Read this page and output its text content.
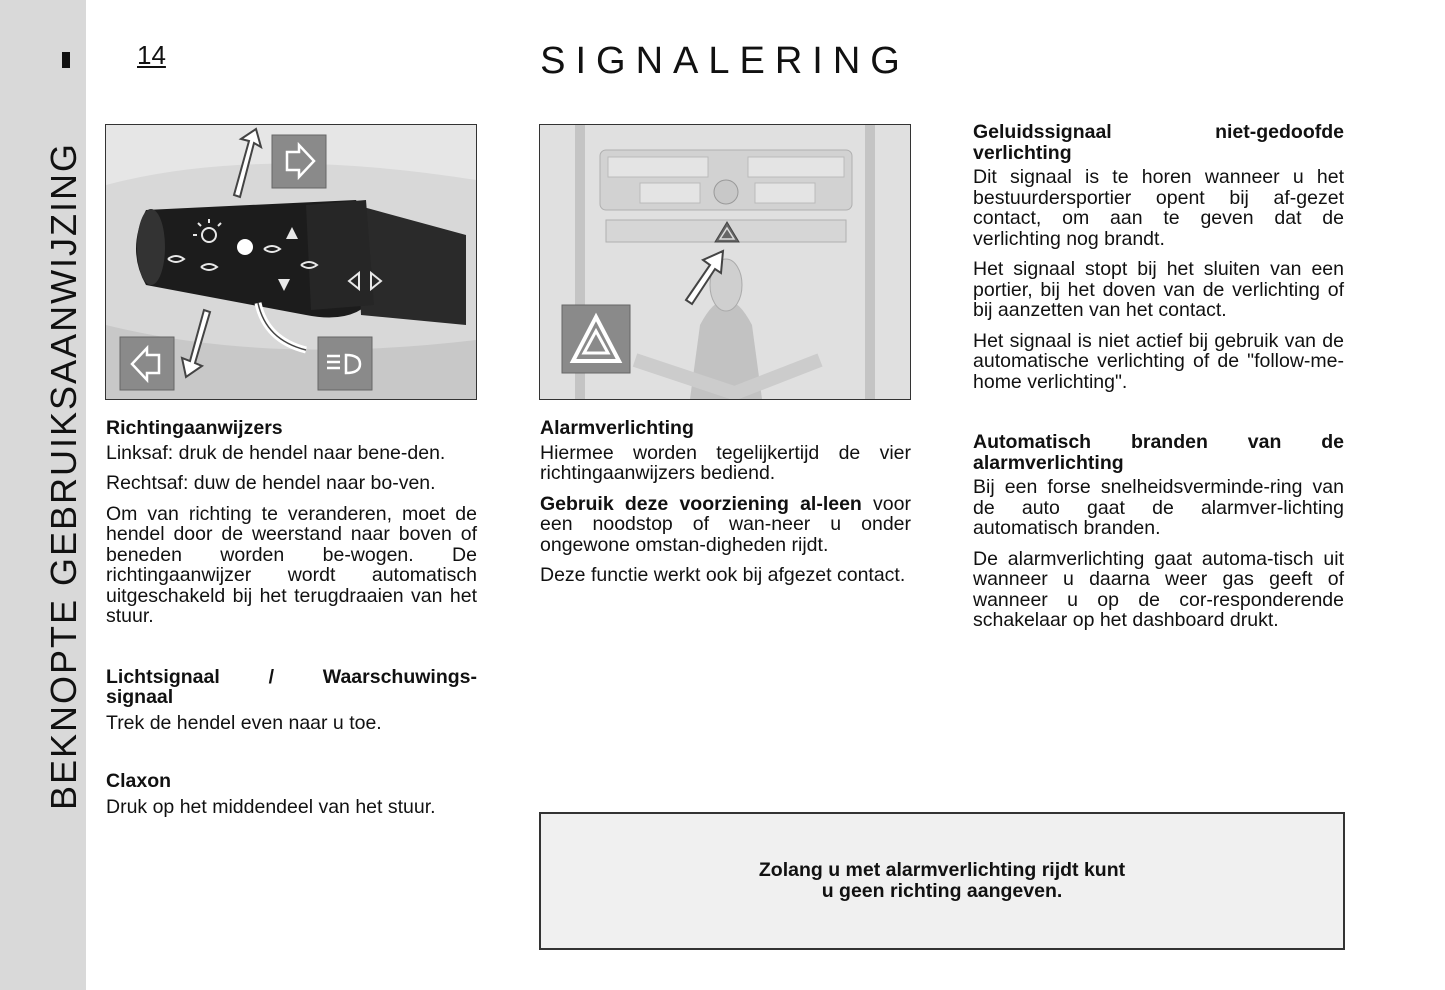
BEKNOPTE GEBRUIKSAANWIJZING
14	SIGNALERING
Richtingaanwijzers

Linksaf: druk de hendel naar bene-den.

Rechtsaf: duw de hendel naar bo-ven.

Om van richting te veranderen, moet de hendel door de weerstand naar boven of beneden worden be-wogen. De richtingaanwijzer wordt automatisch uitgeschakeld bij het terugdraaien van het stuur.

Lichtsignaal / Waarschuwings-
signaal

Trek de hendel even naar u toe.

Claxon

Druk op het middendeel van het stuur.

Alarmverlichting

Hiermee worden tegelijkertijd de vier richtingaanwijzers bediend.

Gebruik deze voorziening al-leen voor een noodstop of wan-neer u onder ongewone omstan-digheden rijdt.

Deze functie werkt ook bij afgezet contact.

Geluidssignaal niet-gedoofde
verlichting

Dit signaal is te horen wanneer u het bestuurdersportier opent bij af-gezet contact, om aan te geven dat de verlichting nog brandt.

Het signaal stopt bij het sluiten van een portier, bij het doven van de verlichting of bij aanzetten van het contact.

Het signaal is niet actief bij gebruik van de automatische verlichting of de "follow-me-home verlichting".

Automatisch branden van de
alarmverlichting

Bij een forse snelheidsverminde-ring van de auto gaat de alarmver-lichting automatisch branden.

De alarmverlichting gaat automa-tisch uit wanneer u daarna weer gas geeft of wanneer u op de cor-responderende schakelaar op het dashboard drukt.

Zolang u met alarmverlichting rijdt kunt
u geen richting aangeven.
